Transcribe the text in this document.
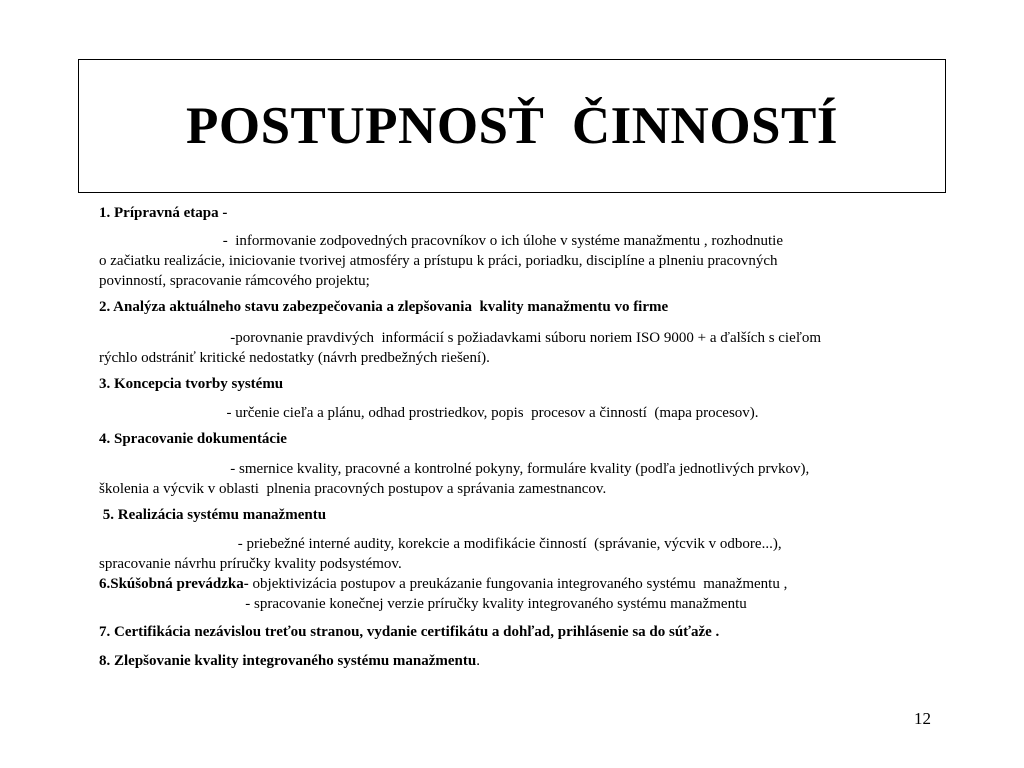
POSTUPNOSŤ  ČINNOSTÍ

1. Prípravná etapa -

-  informovanie zodpovedných pracovníkov o ich úlohe v systéme manažmentu , rozhodnutie

o začiatku realizácie, iniciovanie tvorivej atmosféry a prístupu k práci, poriadku, disciplíne a plneniu pracovných

povinností, spracovanie rámcového projektu;

2. Analýza aktuálneho stavu zabezpečovania a zlepšovania  kvality manažmentu vo firme

-porovnanie pravdivých  informácií s požiadavkami súboru noriem ISO 9000 + a ďalších s cieľom

rýchlo odstrániť kritické nedostatky (návrh predbežných riešení).

3. Koncepcia tvorby systému

- určenie cieľa a plánu, odhad prostriedkov, popis  procesov a činností  (mapa procesov).

4. Spracovanie dokumentácie

- smernice kvality, pracovné a kontrolné pokyny, formuláre kvality (podľa jednotlivých prvkov),

školenia a výcvik v oblasti  plnenia pracovných postupov a správania zamestnancov.

5. Realizácia systému manažmentu

- priebežné interné audity, korekcie a modifikácie činností  (správanie, výcvik v odbore...),

spracovanie návrhu príručky kvality podsystémov.

6.Skúšobná prevádzka- objektivizácia postupov a preukázanie fungovania integrovaného systému  manažmentu ,

- spracovanie konečnej verzie príručky kvality integrovaného systému manažmentu

7. Certifikácia nezávislou treťou stranou, vydanie certifikátu a dohľad, prihlásenie sa do súťaže .

8. Zlepšovanie kvality integrovaného systému manažmentu.

12
